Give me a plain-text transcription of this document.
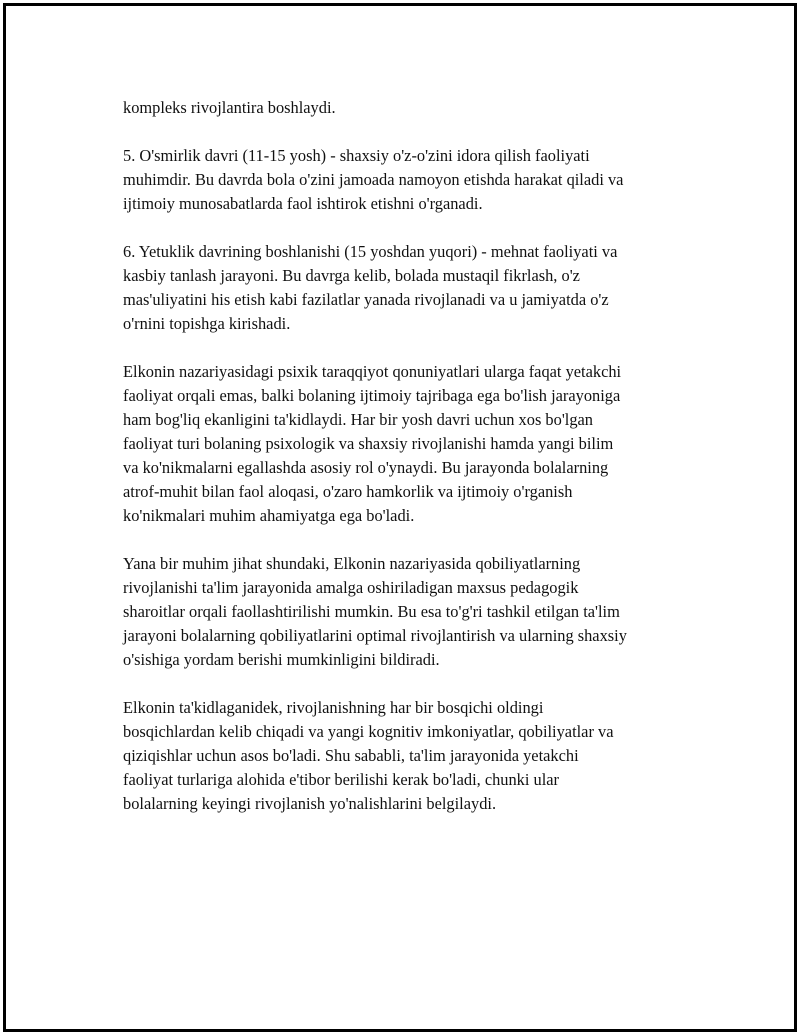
kompleks rivojlantira boshlaydi.

5. O'smirlik davri (11-15 yosh) - shaxsiy o'z-o'zini idora qilish faoliyati
muhimdir. Bu davrda bola o'zini jamoada namoyon etishda harakat qiladi va
ijtimoiy munosabatlarda faol ishtirok etishni o'rganadi.

6. Yetuklik davrining boshlanishi (15 yoshdan yuqori) - mehnat faoliyati va
kasbiy tanlash jarayoni. Bu davrga kelib, bolada mustaqil fikrlash, o'z
mas'uliyatini his etish kabi fazilatlar yanada rivojlanadi va u jamiyatda o'z
o'rnini topishga kirishadi.

Elkonin nazariyasidagi psixik taraqqiyot qonuniyatlari ularga faqat yetakchi
faoliyat orqali emas, balki bolaning ijtimoiy tajribaga ega bo'lish jarayoniga
ham bog'liq ekanligini ta'kidlaydi. Har bir yosh davri uchun xos bo'lgan
faoliyat turi bolaning psixologik va shaxsiy rivojlanishi hamda yangi bilim
va ko'nikmalarni egallashda asosiy rol o'ynaydi. Bu jarayonda bolalarning
atrof-muhit bilan faol aloqasi, o'zaro hamkorlik va ijtimoiy o'rganish
ko'nikmalari muhim ahamiyatga ega bo'ladi.

Yana bir muhim jihat shundaki, Elkonin nazariyasida qobiliyatlarning
rivojlanishi ta'lim jarayonida amalga oshiriladigan maxsus pedagogik
sharoitlar orqali faollashtirilishi mumkin. Bu esa to'g'ri tashkil etilgan ta'lim
jarayoni bolalarning qobiliyatlarini optimal rivojlantirish va ularning shaxsiy
o'sishiga yordam berishi mumkinligini bildiradi.

Elkonin ta'kidlaganidek, rivojlanishning har bir bosqichi oldingi
bosqichlardan kelib chiqadi va yangi kognitiv imkoniyatlar, qobiliyatlar va
qiziqishlar uchun asos bo'ladi. Shu sababli, ta'lim jarayonida yetakchi
faoliyat turlariga alohida e'tibor berilishi kerak bo'ladi, chunki ular
bolalarning keyingi rivojlanish yo'nalishlarini belgilaydi.
